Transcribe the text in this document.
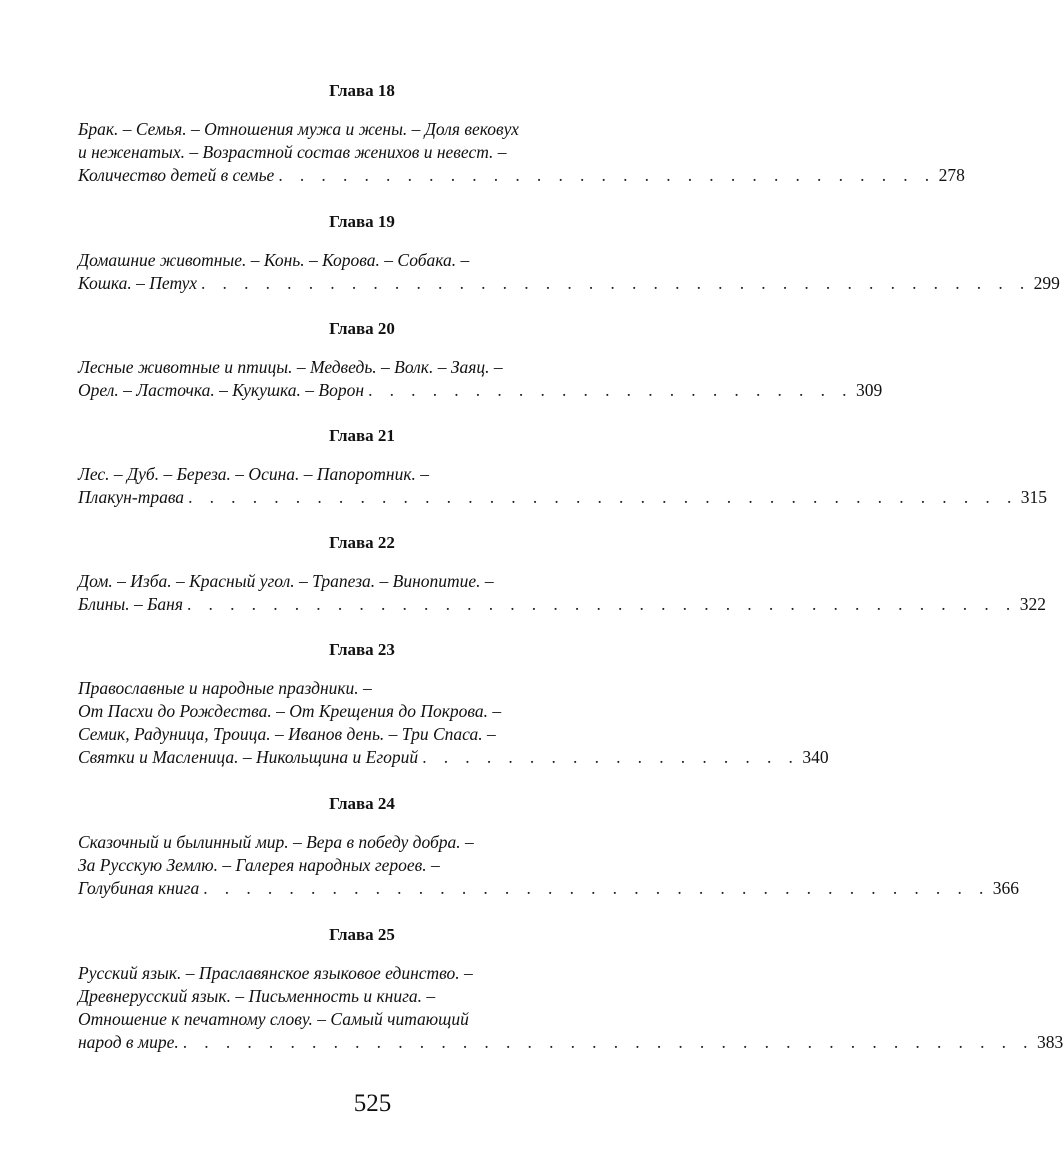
Глава 18
Брак. – Семья. – Отношения мужа и жены. – Доля вековух
и неженатых. – Возрастной состав женихов и невест. –
Количество детей в семье . . . . . . . . . . . . . . . . . . . . . . . . . . . . . . . 278
Глава 19
Домашние животные. – Конь. – Корова. – Собака. –
Кошка. – Петух . . . . . . . . . . . . . . . . . . . . . . . . . . . . . . . . . . . . . . . 299
Глава 20
Лесные животные и птицы. – Медведь. – Волк. – Заяц. –
Орел. – Ласточка. – Кукушка. – Ворон . . . . . . . . . . . . . . . . . . . . . . . 309
Глава 21
Лес. – Дуб. – Береза. – Осина. – Папоротник. –
Плакун-трава . . . . . . . . . . . . . . . . . . . . . . . . . . . . . . . . . . . . . . . 315
Глава 22
Дом. – Изба. – Красный угол. – Трапеза. – Винопитие. –
Блины. – Баня . . . . . . . . . . . . . . . . . . . . . . . . . . . . . . . . . . . . . . . 322
Глава 23
Православные и народные праздники. –
От Пасхи до Рождества. – От Крещения до Покрова. –
Семик, Радуница, Троица. – Иванов день. – Три Спаса. –
Святки и Масленица. – Никольщина и Егорий . . . . . . . . . . . . . . . . . . 340
Глава 24
Сказочный и былинный мир. – Вера в победу добра. –
За Русскую Землю. – Галерея народных героев. –
Голубиная книга . . . . . . . . . . . . . . . . . . . . . . . . . . . . . . . . . . . . . 366
Глава 25
Русский язык. – Праславянское языковое единство. –
Древнерусский язык. – Письменность и книга. –
Отношение к печатному слову. – Самый читающий
народ в мире. . . . . . . . . . . . . . . . . . . . . . . . . . . . . . . . . . . . . . . . . 383
525
